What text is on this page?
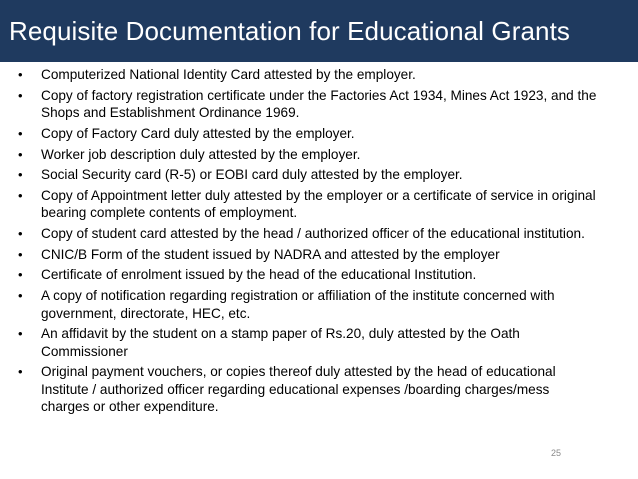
Requisite Documentation for Educational Grants
• Computerized National Identity Card attested by the employer.
• Copy of factory registration certificate under the Factories Act 1934, Mines Act 1923, and the Shops and Establishment Ordinance 1969.
• Copy of Factory Card duly attested by the employer.
• Worker job description duly attested by the employer.
• Social Security card (R-5) or EOBI card duly attested by the employer.
• Copy of Appointment letter duly attested by the employer or a certificate of service in original bearing complete contents of employment.
• Copy of student card attested by the head / authorized officer of the educational institution.
• CNIC/B Form of the student issued by NADRA and attested by the employer
• Certificate of enrolment issued by the head of the educational Institution.
• A copy of notification regarding registration or affiliation of the institute concerned with government, directorate, HEC, etc.
• An affidavit by the student on a stamp paper of Rs.20, duly attested by the Oath Commissioner
• Original payment vouchers, or copies thereof duly attested by the head of educational Institute / authorized officer regarding educational expenses /boarding charges/mess charges or other expenditure.
25
